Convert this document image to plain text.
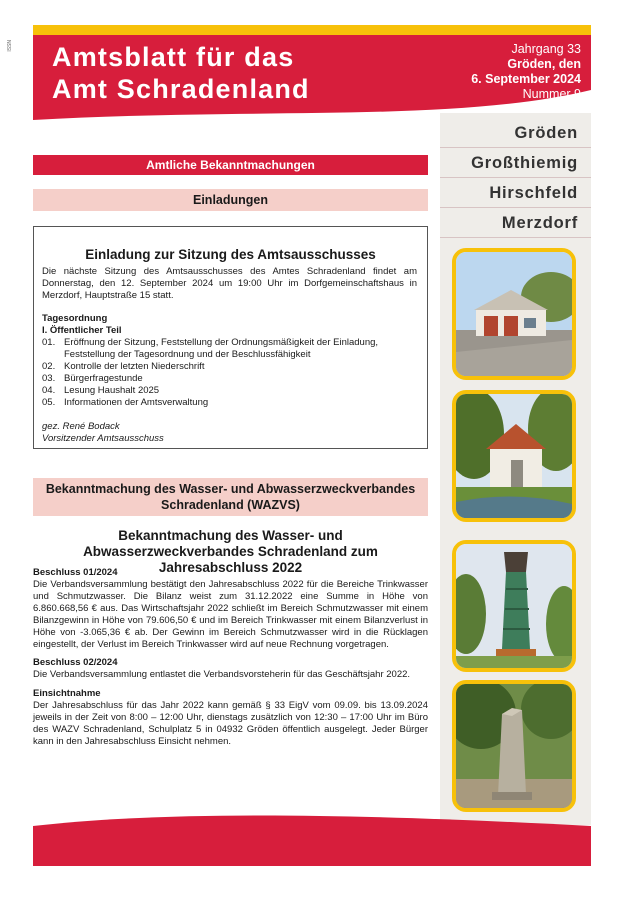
ISSN Amtsblatt für das
Amt Schradenland
Jahrgang 33
Gröden, den
6. September 2024
Nummer 9
Gröden
Großthiemig
Hirschfeld
Merzdorf
Amtliche Bekanntmachungen
Einladungen
Einladung zur Sitzung des Amtsausschusses
Die nächste Sitzung des Amtsausschusses des Amtes Schradenland findet am Donnerstag, den 12. September 2024 um 19:00 Uhr im Dorfgemeinschaftshaus in Merzdorf, Hauptstraße 15 statt.
Tagesordnung
I. Öffentlicher Teil
01. Eröffnung der Sitzung, Feststellung der Ordnungsmäßigkeit der Einladung, Feststellung der Tagesordnung und der Beschlussfähigkeit
02. Kontrolle der letzten Niederschrift
03. Bürgerfragestunde
04. Lesung Haushalt 2025
05. Informationen der Amtsverwaltung
gez. René Bodack
Vorsitzender Amtsausschuss
Bekanntmachung des Wasser- und Abwasserzweckverbandes Schradenland (WAZVS)
Bekanntmachung des Wasser- und Abwasserzweckverbandes Schradenland zum Jahresabschluss 2022
Beschluss 01/2024
Die Verbandsversammlung bestätigt den Jahresabschluss 2022 für die Bereiche Trinkwasser und Schmutzwasser. Die Bilanz weist zum 31.12.2022 eine Summe in Höhe von 6.860.668,56 € aus. Das Wirtschaftsjahr 2022 schließt im Bereich Schmutzwasser mit einem Bilanzgewinn in Höhe von 79.606,50 € und im Bereich Trinkwasser mit einem Bilanzverlust in Höhe von -3.065,36 € ab. Der Gewinn im Bereich Schmutzwasser wird in die Rücklagen eingestellt, der Verlust im Bereich Trinkwasser wird auf neue Rechnung vorgetragen.
Beschluss 02/2024
Die Verbandsversammlung entlastet die Verbandsvorsteherin für das Geschäftsjahr 2022.
Einsichtnahme
Der Jahresabschluss für das Jahr 2022 kann gemäß § 33 EigV vom 09.09. bis 13.09.2024 jeweils in der Zeit von 8:00 – 12:00 Uhr, dienstags zusätzlich von 12:30 – 17:00 Uhr im Büro des WAZV Schradenland, Schulplatz 5 in 04932 Gröden öffentlich ausgelegt. Jeder Bürger kann in den Jahresabschluss Einsicht nehmen.
